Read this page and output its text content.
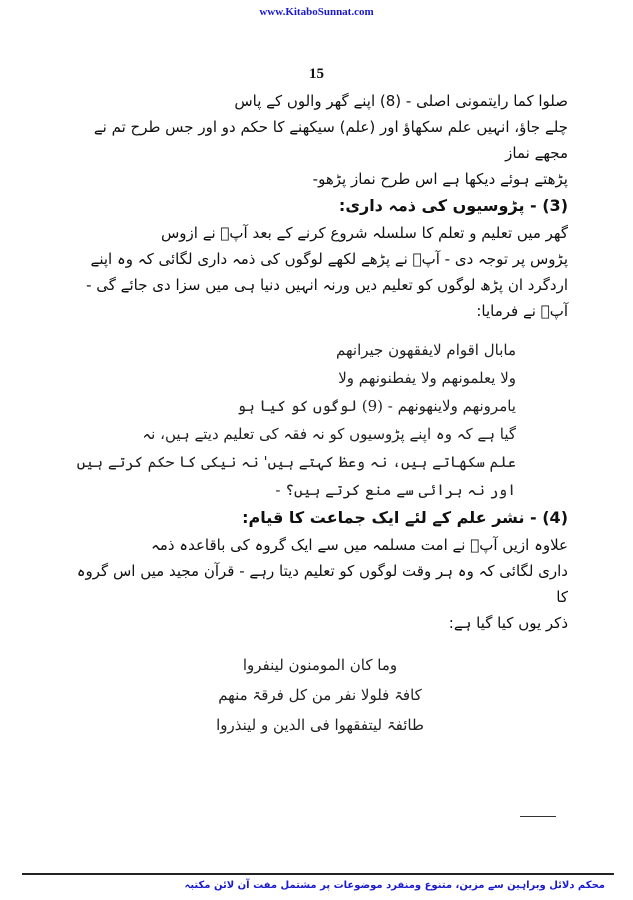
www.KitaboSunnat.com
15

صلوا کما رایتمونی اصلی - (8) اپنے گھر والوں کے پاس

چلے جاؤ، انہیں علم سکھاؤ اور (علم) سیکھنے کا حکم دو اور جس طرح تم نے مجھے نماز

پڑھتے ہوئے دیکھا ہے اس طرح نماز پڑھو-

(3) - پڑوسیوں کی ذمہ داری:

گھر میں تعلیم و تعلم کا سلسلہ شروع کرنے کے بعد آپؐ نے ازوس

پڑوس پر توجہ دی - آپؐ نے پڑھے لکھے لوگوں کی ذمہ داری لگائی کہ وہ اپنے

اردگرد ان پڑھ لوگوں کو تعلیم دیں ورنہ انہیں دنیا ہی میں سزا دی جائے گی -

آپؐ نے فرمایا:

مابال اقوام لایفقهون جیرانهم

ولا یعلمونهم ولا یفطنونهم ولا

یامرونهم ولاینهونهم - (9) لوگوں کو کیا ہو

گیا ہے کہ وہ اپنے پڑوسیوں کو نہ فقہ کی تعلیم دیتے ہیں، نہ

علم سکھاتے ہیں، نہ وعظ کہتے ہیں' نہ نیکی کا حکم کرتے ہیں

اور نہ برائی سے منع کرتے ہیں؟ -

(4) - نشر علم کے لئے ایک جماعت کا قیام:

علاوہ ازیں آپؐ نے امت مسلمہ میں سے ایک گروہ کی باقاعدہ ذمہ

داری لگائی کہ وہ ہر وقت لوگوں کو تعلیم دیتا رہے - قرآن مجید میں اس گروہ کا

ذکر یوں کیا گیا ہے:

وما کان المومنون لینفروا

کافۃ فلولا نفر من کل فرقۃ منهم

طائفۃ لیتفقهوا فی الدین و لینذروا

محکم دلائل وبراہین سے مزین، متنوع ومنفرد موضوعات پر مشتمل مفت آن لائن مکتبہ
